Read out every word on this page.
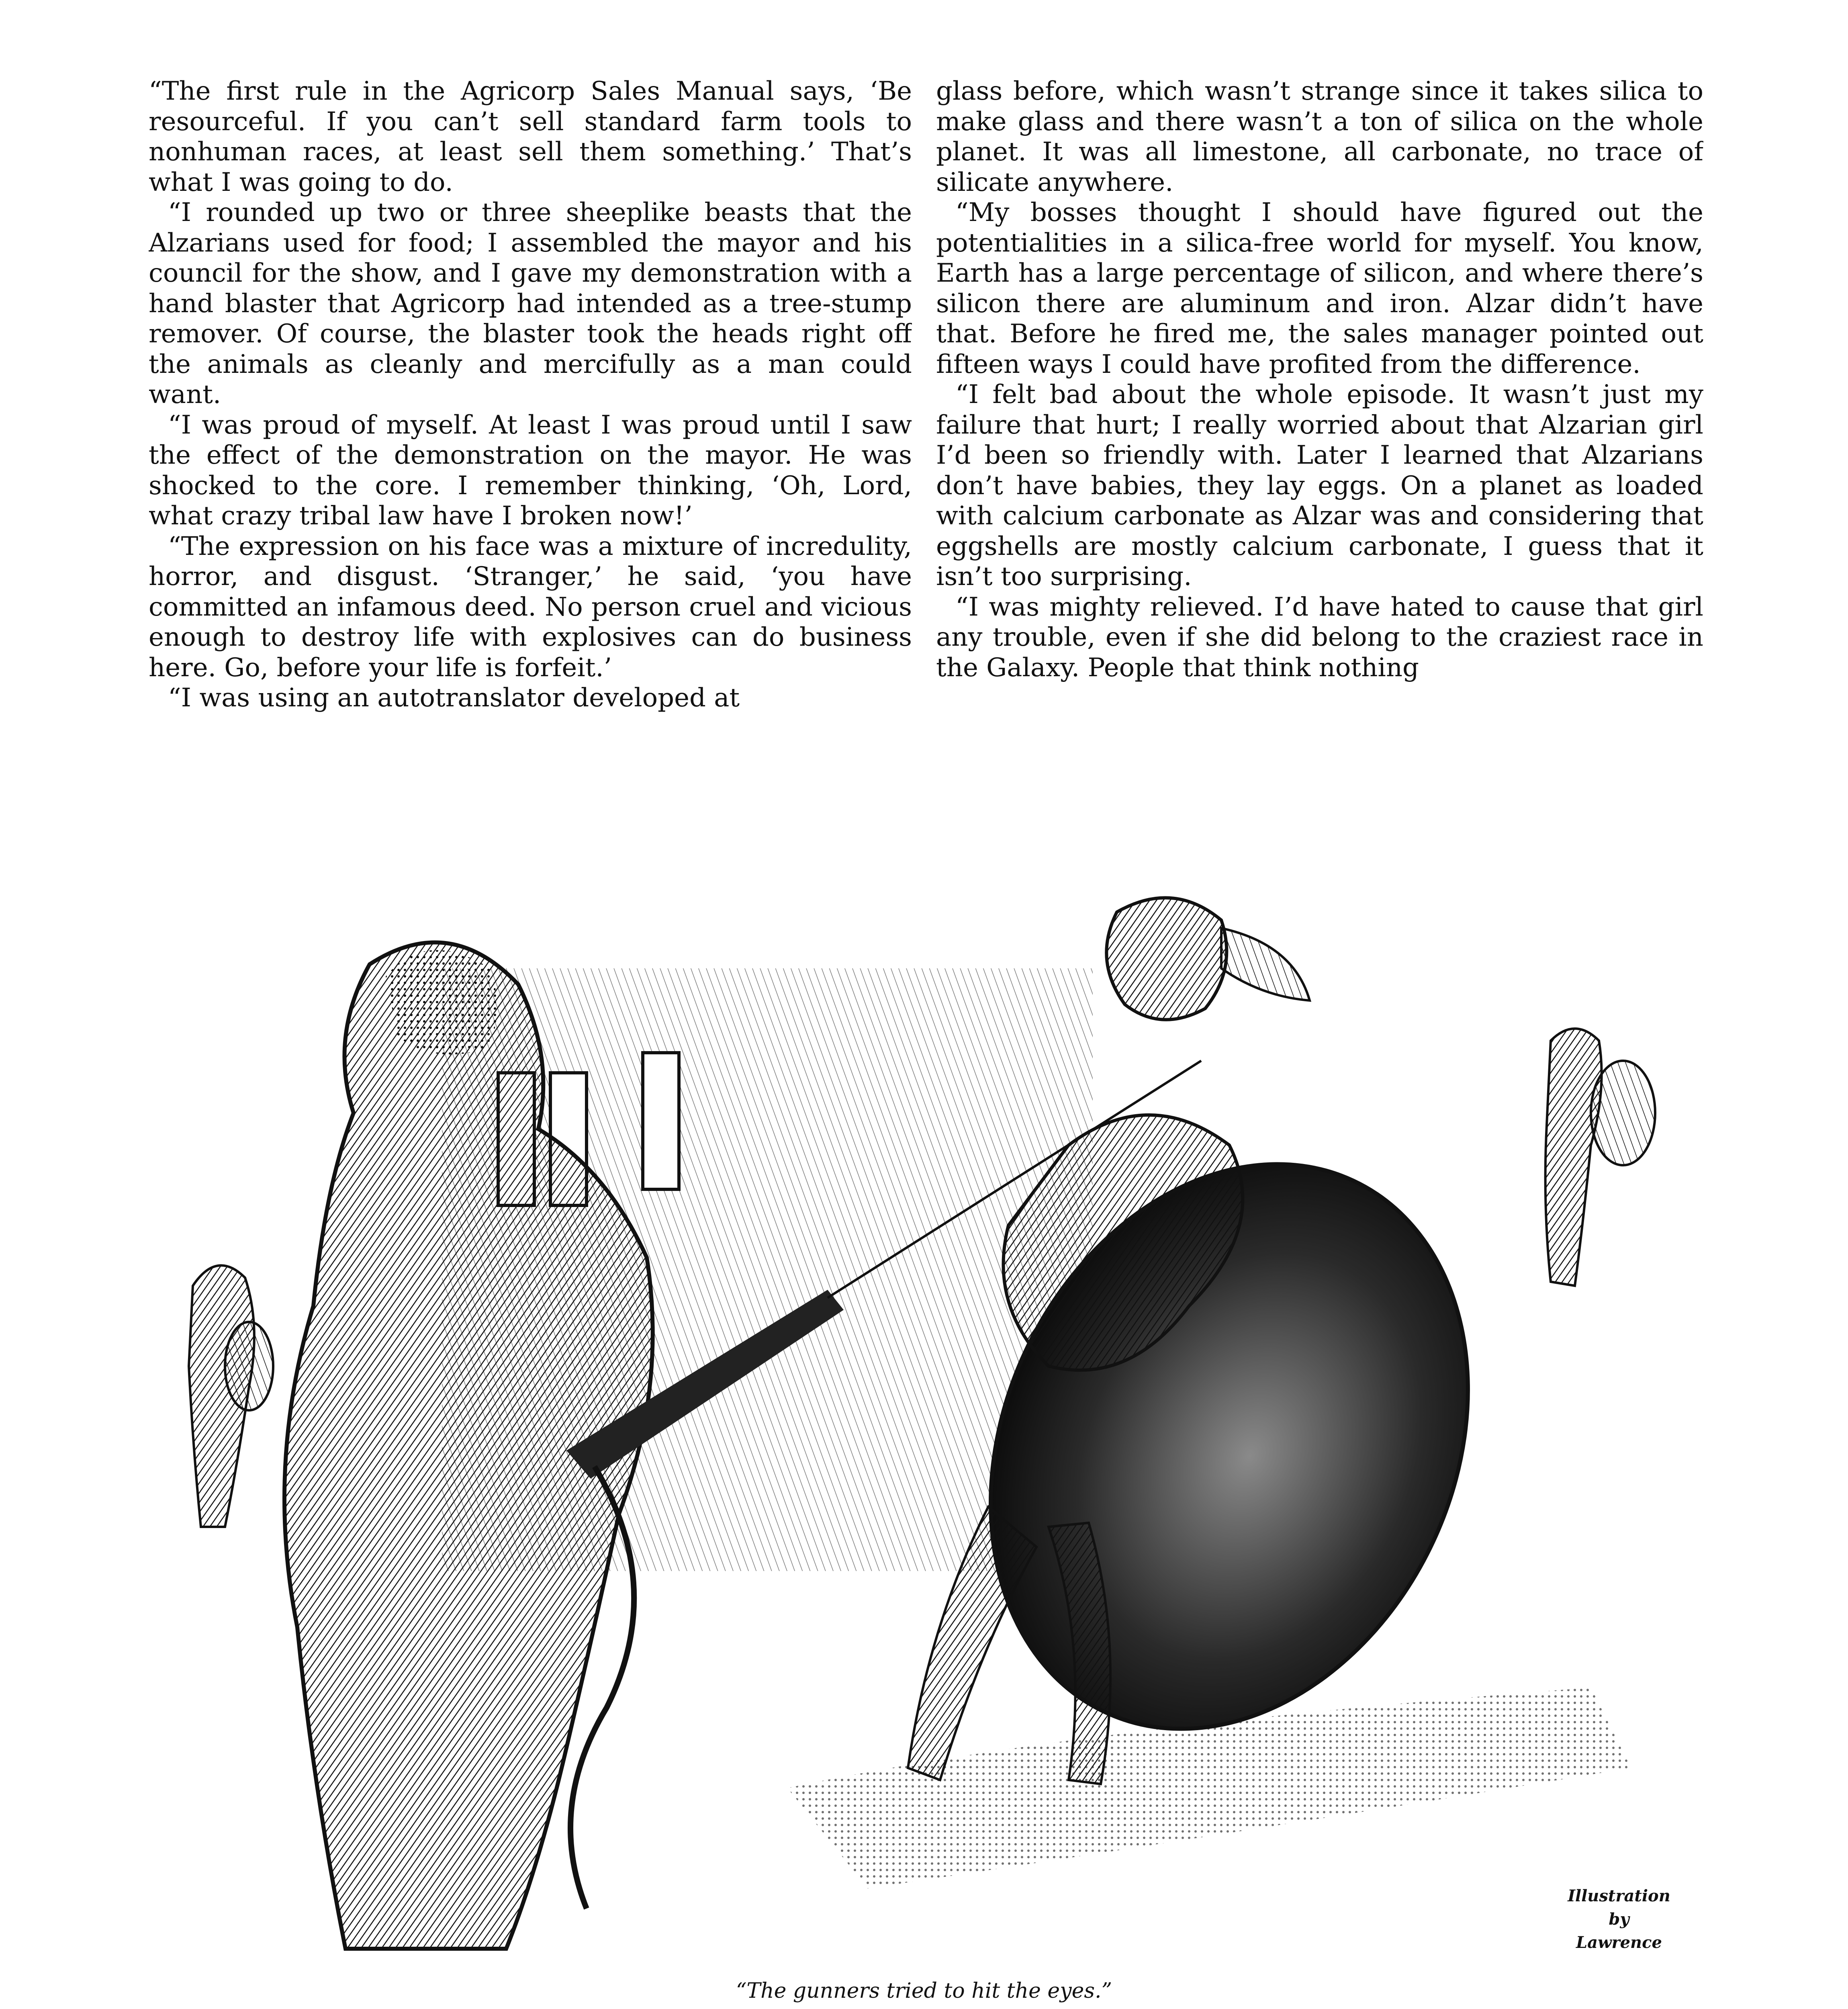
“The first rule in the Agricorp Sales Manual says, ‘Be resourceful. If you can’t sell standard farm tools to nonhuman races, at least sell them something.’ That’s what I was going to do.

“I rounded up two or three sheeplike beasts that the Alzarians used for food; I assembled the mayor and his council for the show, and I gave my demonstration with a hand blaster that Agricorp had intended as a tree-stump remover. Of course, the blaster took the heads right off the animals as cleanly and mercifully as a man could want.

“I was proud of myself. At least I was proud until I saw the effect of the demonstration on the mayor. He was shocked to the core. I remember thinking, ‘Oh, Lord, what crazy tribal law have I broken now!’

“The expression on his face was a mixture of incredulity, horror, and disgust. ‘Stranger,’ he said, ‘you have committed an infamous deed. No person cruel and vicious enough to destroy life with explosives can do business here. Go, before your life is forfeit.’

“I was using an autotranslator developed at

glass before, which wasn’t strange since it takes silica to make glass and there wasn’t a ton of silica on the whole planet. It was all limestone, all carbonate, no trace of silicate anywhere.

“My bosses thought I should have figured out the potentialities in a silica-free world for myself. You know, Earth has a large percentage of silicon, and where there’s silicon there are aluminum and iron. Alzar didn’t have that. Before he fired me, the sales manager pointed out fifteen ways I could have profited from the difference.

“I felt bad about the whole episode. It wasn’t just my failure that hurt; I really worried about that Alzarian girl I’d been so friendly with. Later I learned that Alzarians don’t have babies, they lay eggs. On a planet as loaded with calcium carbonate as Alzar was and considering that eggshells are mostly calcium carbonate, I guess that it isn’t too surprising.

“I was mighty relieved. I’d have hated to cause that girl any trouble, even if she did belong to the craziest race in the Galaxy. People that think nothing

Illustration
by
Lawrence
“The gunners tried to hit the eyes.”
